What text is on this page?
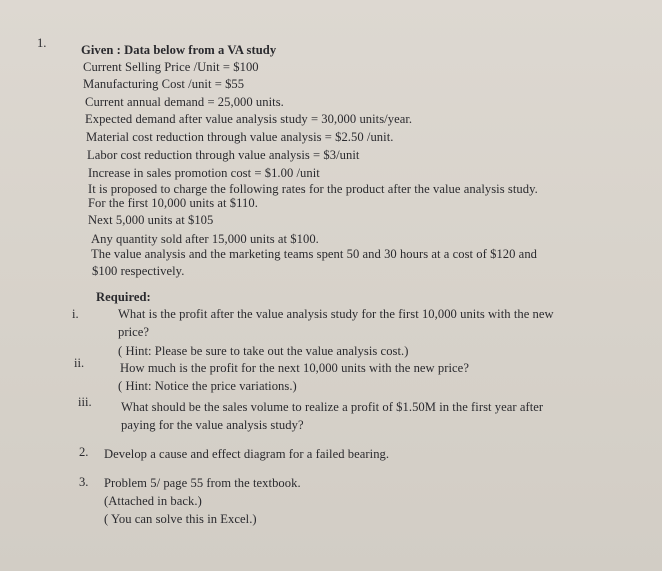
1.	Given : Data below from a VA study
Current Selling Price /Unit = $100
Manufacturing Cost /unit = $55
Current annual demand = 25,000 units.
Expected demand after value analysis study = 30,000 units/year.
Material cost reduction through value analysis = $2.50 /unit.
Labor cost reduction through value analysis = $3/unit
Increase in sales promotion cost = $1.00 /unit
It is proposed to charge the following rates for the product after the value analysis study.
For the first 10,000 units at $110.
Next 5,000 units at $105
Any quantity sold after 15,000 units at $100.
The value analysis and the marketing teams spent 50 and 30 hours at a cost of $120 and
$100 respectively.
Required:
i.	What is the profit after the value analysis study for the first 10,000 units with the new
price?
( Hint: Please be sure to take out the value analysis cost.)
ii.	How much is the profit for the next 10,000 units with the new price?
( Hint: Notice the price variations.)
iii. What should be the sales volume to realize a profit of $1.50M in the first year after
paying for the value analysis study?
2. Develop a cause and effect diagram for a failed bearing.
3. Problem 5/ page 55 from the textbook.
(Attached in back.)
( You can solve this in Excel.)
